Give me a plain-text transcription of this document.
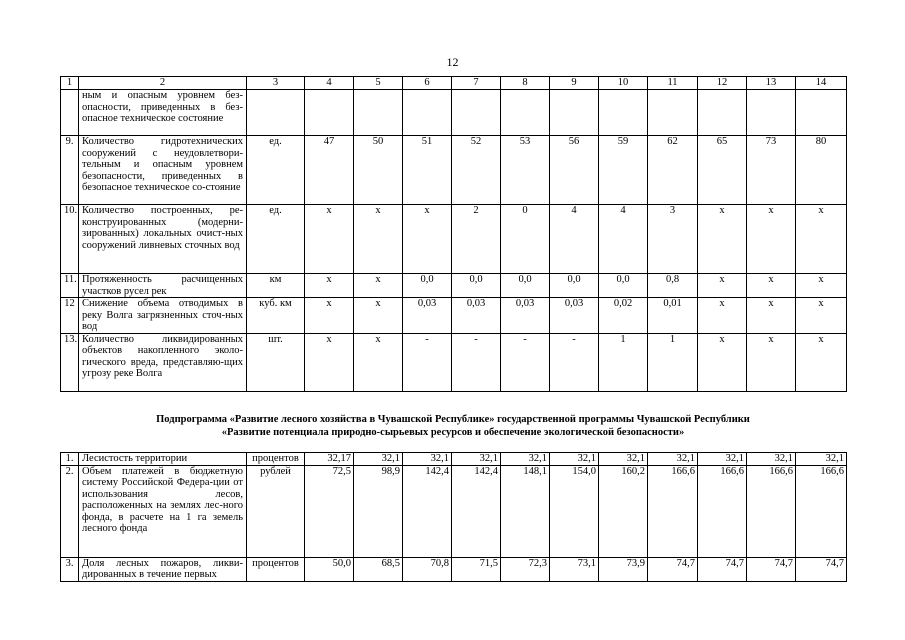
12
1	2	3	4	5	6	7	8	9	10	11	12	13	14
	ным и опасным уровнем без-опасности, приведенных в без-опасное техническое состояние												
9.	Количество гидротехнических сооружений с неудовлетвори-тельным и опасным уровнем безопасности, приведенных в безопасное техническое со-стояние	ед.	47	50	51	52	53	56	59	62	65	73	80
10.	Количество построенных, ре-конструированных (модерни-зированных) локальных очист-ных сооружений ливневых сточных вод	ед.	х	х	х	2	0	4	4	3	х	х	х
11.	Протяженность расчищенных участков русел рек	км	х	х	0,0	0,0	0,0	0,0	0,0	0,8	х	х	х
12	Снижение объема отводимых в реку Волга загрязненных сточ-ных вод	куб. км	х	х	0,03	0,03	0,03	0,03	0,02	0,01	х	х	х
13.	Количество ликвидированных объектов накопленного эколо-гического вреда, представляю-щих угрозу реке Волга	шт.	х	х	-	-	-	-	1	1	х	х	х
Подпрограмма «Развитие лесного хозяйства в Чувашской Республике» государственной программы Чувашской Республики
«Развитие потенциала природно-сырьевых ресурсов и обеспечение экологической безопасности»
1.	Лесистость территории	процентов	32,17	32,1	32,1	32,1	32,1	32,1	32,1	32,1	32,1	32,1	32,1
2.	Объем платежей в бюджетную систему Российской Федера-ции от использования лесов, расположенных на землях лес-ного фонда, в расчете на 1 га земель лесного фонда	рублей	72,5	98,9	142,4	142,4	148,1	154,0	160,2	166,6	166,6	166,6	166,6
3.	Доля лесных пожаров, ликви-дированных в течение первых	процентов	50,0	68,5	70,8	71,5	72,3	73,1	73,9	74,7	74,7	74,7	74,7
